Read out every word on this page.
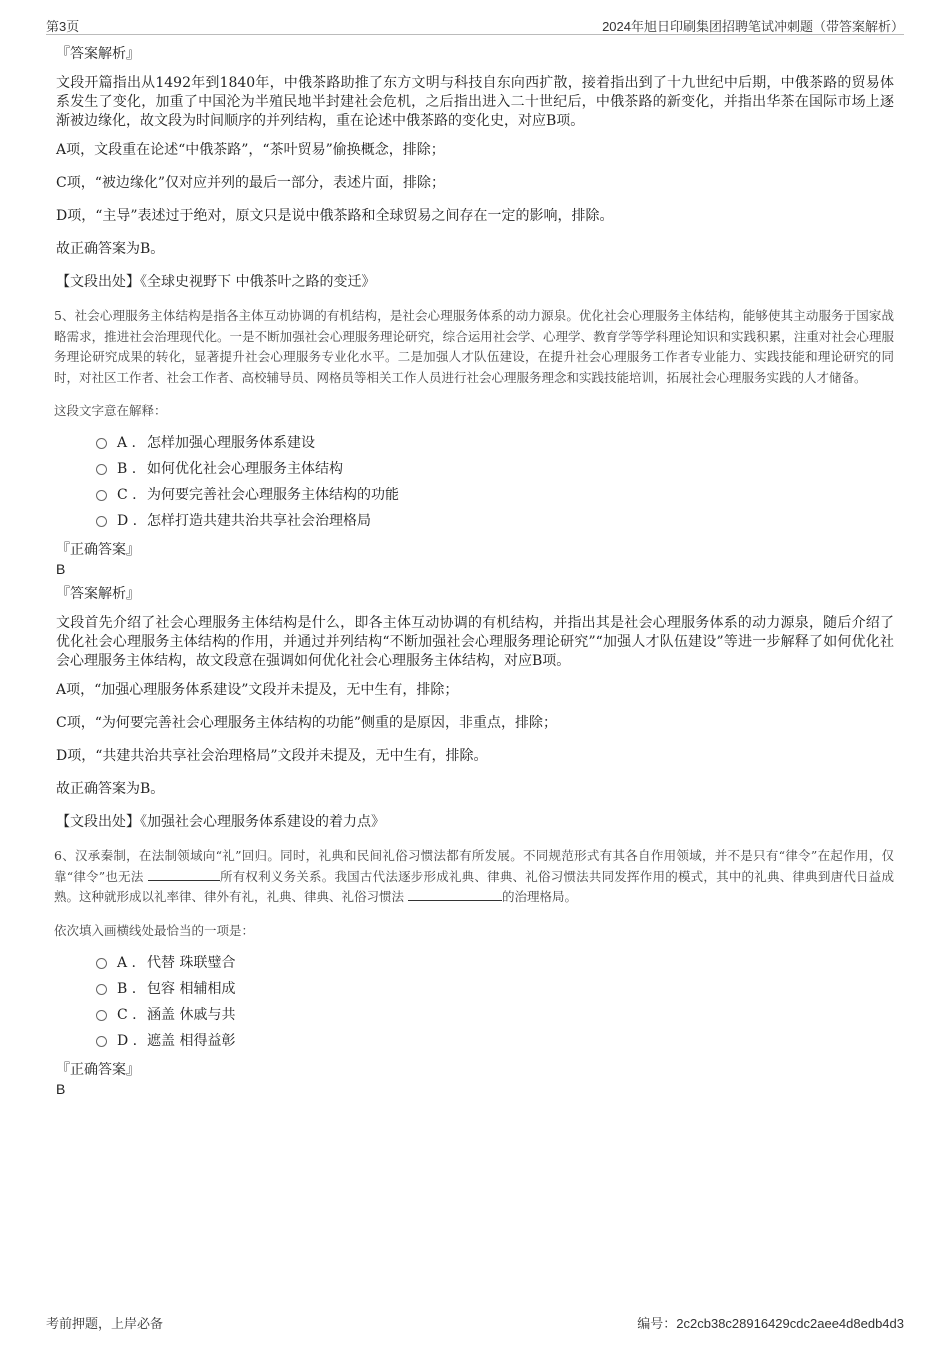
第3页	2024年旭日印刷集团招聘笔试冲刺题（带答案解析）
『答案解析』
文段开篇指出从1492年到1840年，中俄茶路助推了东方文明与科技自东向西扩散，接着指出到了十九世纪中后期，中俄茶路的贸易体系发生了变化，加重了中国沦为半殖民地半封建社会危机，之后指出进入二十世纪后，中俄茶路的新变化，并指出华茶在国际市场上逐渐被边缘化，故文段为时间顺序的并列结构，重在论述中俄茶路的变化史，对应B项。
A项，文段重在论述“中俄茶路”，“茶叶贸易”偷换概念，排除；
C项，“被边缘化”仅对应并列的最后一部分，表述片面，排除；
D项，“主导”表述过于绝对，原文只是说中俄茶路和全球贸易之间存在一定的影响，排除。
故正确答案为B。
【文段出处】《全球史视野下 中俄茶叶之路的变迁》
5、社会心理服务主体结构是指各主体互动协调的有机结构，是社会心理服务体系的动力源泉。优化社会心理服务主体结构，能够使其主动服务于国家战略需求，推进社会治理现代化。一是不断加强社会心理服务理论研究，综合运用社会学、心理学、教育学等学科理论知识和实践积累，注重对社会心理服务理论研究成果的转化，显著提升社会心理服务专业化水平。二是加强人才队伍建设，在提升社会心理服务工作者专业能力、实践技能和理论研究的同时，对社区工作者、社会工作者、高校辅导员、网格员等相关工作人员进行社会心理服务理念和实践技能培训，拓展社会心理服务实践的人才储备。
这段文字意在解释：
A . 怎样加强心理服务体系建设
B . 如何优化社会心理服务主体结构
C . 为何要完善社会心理服务主体结构的功能
D . 怎样打造共建共治共享社会治理格局
『正确答案』
B
『答案解析』
文段首先介绍了社会心理服务主体结构是什么，即各主体互动协调的有机结构，并指出其是社会心理服务体系的动力源泉，随后介绍了优化社会心理服务主体结构的作用，并通过并列结构“不断加强社会心理服务理论研究”“加强人才队伍建设”等进一步解释了如何优化社会心理服务主体结构，故文段意在强调如何优化社会心理服务主体结构，对应B项。
A项，“加强心理服务体系建设”文段并未提及，无中生有，排除；
C项，“为何要完善社会心理服务主体结构的功能”侧重的是原因，非重点，排除；
D项，“共建共治共享社会治理格局”文段并未提及，无中生有，排除。
故正确答案为B。
【文段出处】《加强社会心理服务体系建设的着力点》
6、汉承秦制，在法制领域向“礼”回归。同时，礼典和民间礼俗习惯法都有所发展。不同规范形式有其各自作用领域，并不是只有“律令”在起作用，仅靠“律令”也无法	所有权利义务关系。我国古代法逐步形成礼典、律典、礼俗习惯法共同发挥作用的模式，其中的礼典、律典到唐代日益成熟。这种就形成以礼率律、律外有礼，礼典、律典、礼俗习惯法	的治理格局。
依次填入画横线处最恰当的一项是：
A . 代替 珠联璧合
B . 包容 相辅相成
C . 涵盖 休戚与共
D . 遮盖 相得益彰
『正确答案』
B
考前押题，上岸必备	编号：2c2cb38c28916429cdc2aee4d8edb4d3
